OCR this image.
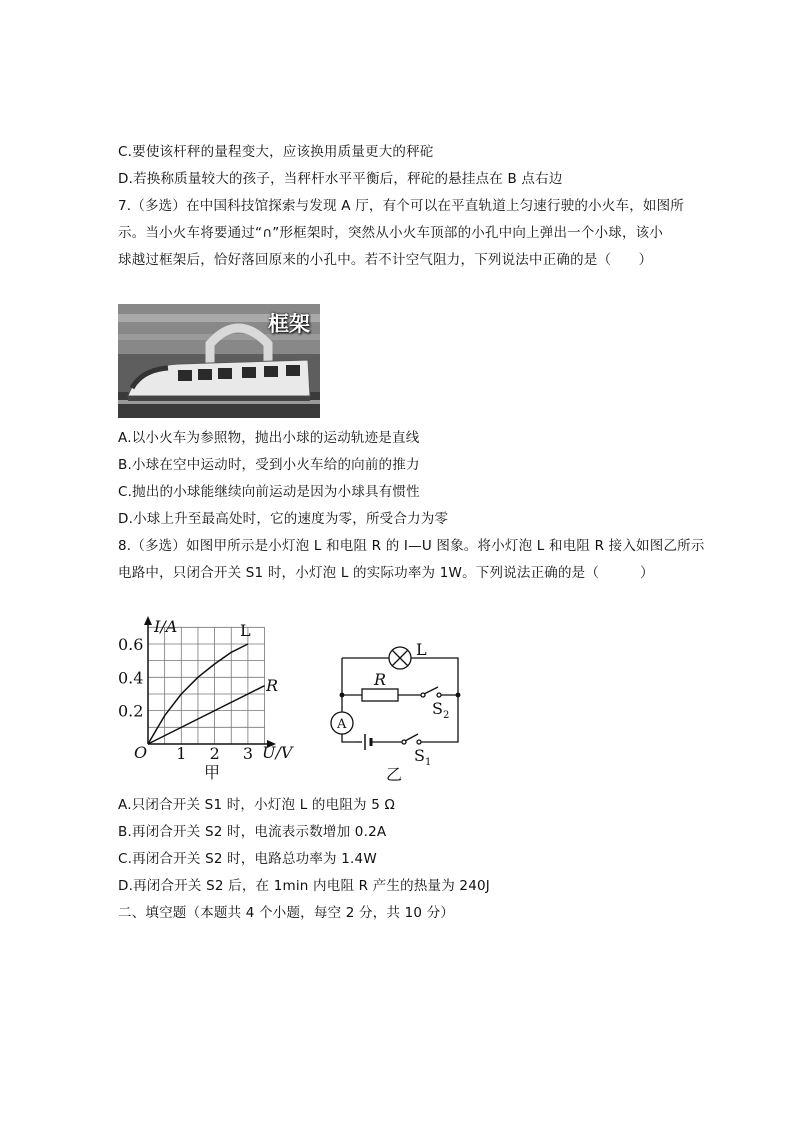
C.要使该杆秤的量程变大，应该换用质量更大的秤砣
D.若换称质量较大的孩子，当秤杆水平平衡后，秤砣的悬挂点在 B 点右边
7.（多选）在中国科技馆探索与发现 A 厅，有个可以在平直轨道上匀速行驶的小火车，如图所
示。当小火车将要通过“∩”形框架时，突然从小火车顶部的小孔中向上弹出一个小球，该小
球越过框架后，恰好落回原来的小孔中。若不计空气阻力，下列说法中正确的是（　　）
框架
A.以小火车为参照物，抛出小球的运动轨迹是直线
B.小球在空中运动时，受到小火车给的向前的推力
C.抛出的小球能继续向前运动是因为小球具有惯性
D.小球上升至最高处时，它的速度为零，所受合力为零
8.（多选）如图甲所示是小灯泡 L 和电阻 R 的 I—U 图象。将小灯泡 L 和电阻 R 接入如图乙所示
电路中，只闭合开关 S1 时，小灯泡 L 的实际功率为 1W。下列说法正确的是（　　　）
0.6
0.4
0.2
1 2 3
I/A
U/V
O
L
R
甲
L
R
A
$S_2$
$S_1$
乙
A.只闭合开关 S1 时，小灯泡 L 的电阻为 5 Ω
B.再闭合开关 S2 时，电流表示数增加 0.2A
C.再闭合开关 S2 时，电路总功率为 1.4W
D.再闭合开关 S2 后，在 1min 内电阻 R 产生的热量为 240J
二、填空题（本题共 4 个小题，每空 2 分，共 10 分）
